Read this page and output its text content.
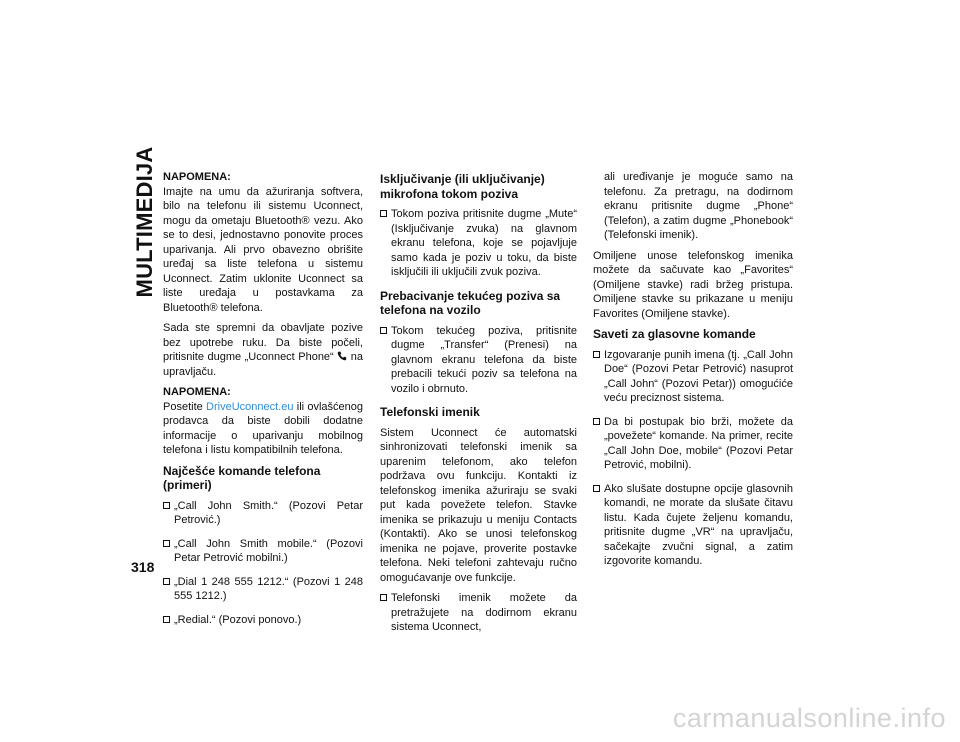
MULTIMEDIJA
318
NAPOMENA:

Imajte na umu da ažuriranja softvera, bilo na telefonu ili sistemu Uconnect, mogu da ometaju Bluetooth® vezu. Ako se to desi, jednostavno ponovite proces uparivanja. Ali prvo obavezno obrišite uređaj sa liste telefona u sistemu Uconnect. Zatim uklonite Uconnect sa liste uređaja u postavkama za Bluetooth® telefona.

Sada ste spremni da obavljate pozive bez upotrebe ruku. Da biste počeli, pritisnite dugme „Uconnect Phone“ na upravljaču.

NAPOMENA:

Posetite DriveUconnect.eu ili ovlašćenog prodavca da biste dobili dodatne informacije o uparivanju mobilnog telefona i listu kompatibilnih telefona.

Najčešće komande telefona (primeri)
„Call John Smith.“ (Pozovi Petar Petrović.)
„Call John Smith mobile.“ (Pozovi Petar Petrović mobilni.)
„Dial 1 248 555 1212.“ (Pozovi 1 248 555 1212.)
„Redial.“ (Pozovi ponovo.)
Isključivanje (ili uključivanje) mikrofona tokom poziva
Tokom poziva pritisnite dugme „Mute“ (Isključivanje zvuka) na glavnom ekranu telefona, koje se pojavljuje samo kada je poziv u toku, da biste isključili ili uključili zvuk poziva.
Prebacivanje tekućeg poziva sa telefona na vozilo
Tokom tekućeg poziva, pritisnite dugme „Transfer“ (Prenesi) na glavnom ekranu telefona da biste prebacili tekući poziv sa telefona na vozilo i obrnuto.
Telefonski imenik

Sistem Uconnect će automatski sinhronizovati telefonski imenik sa uparenim telefonom, ako telefon podržava ovu funkciju. Kontakti iz telefonskog imenika ažuriraju se svaki put kada povežete telefon. Stavke imenika se prikazuju u meniju Contacts (Kontakti). Ako se unosi telefonskog imenika ne pojave, proverite postavke telefona. Neki telefoni zahtevaju ručno omogućavanje ove funkcije.

Telefonski imenik možete da pretražujete na dodirnom ekranu sistema Uconnect,
ali uređivanje je moguće samo na telefonu. Za pretragu, na dodirnom ekranu pritisnite dugme „Phone“ (Telefon), a zatim dugme „Phonebook“ (Telefonski imenik).

Omiljene unose telefonskog imenika možete da sačuvate kao „Favorites“ (Omiljene stavke) radi bržeg pristupa. Omiljene stavke su prikazane u meniju Favorites (Omiljene stavke).

Saveti za glasovne komande
Izgovaranje punih imena (tj. „Call John Doe“ (Pozovi Petar Petrović) nasuprot „Call John“ (Pozovi Petar)) omogućiće veću preciznost sistema.
Da bi postupak bio brži, možete da „povežete“ komande. Na primer, recite „Call John Doe, mobile“ (Pozovi Petar Petrović, mobilni).
Ako slušate dostupne opcije glasovnih komandi, ne morate da slušate čitavu listu. Kada čujete željenu komandu, pritisnite dugme „VR“ na upravljaču, sačekajte zvučni signal, a zatim izgovorite komandu.
carmanualsonline.info
